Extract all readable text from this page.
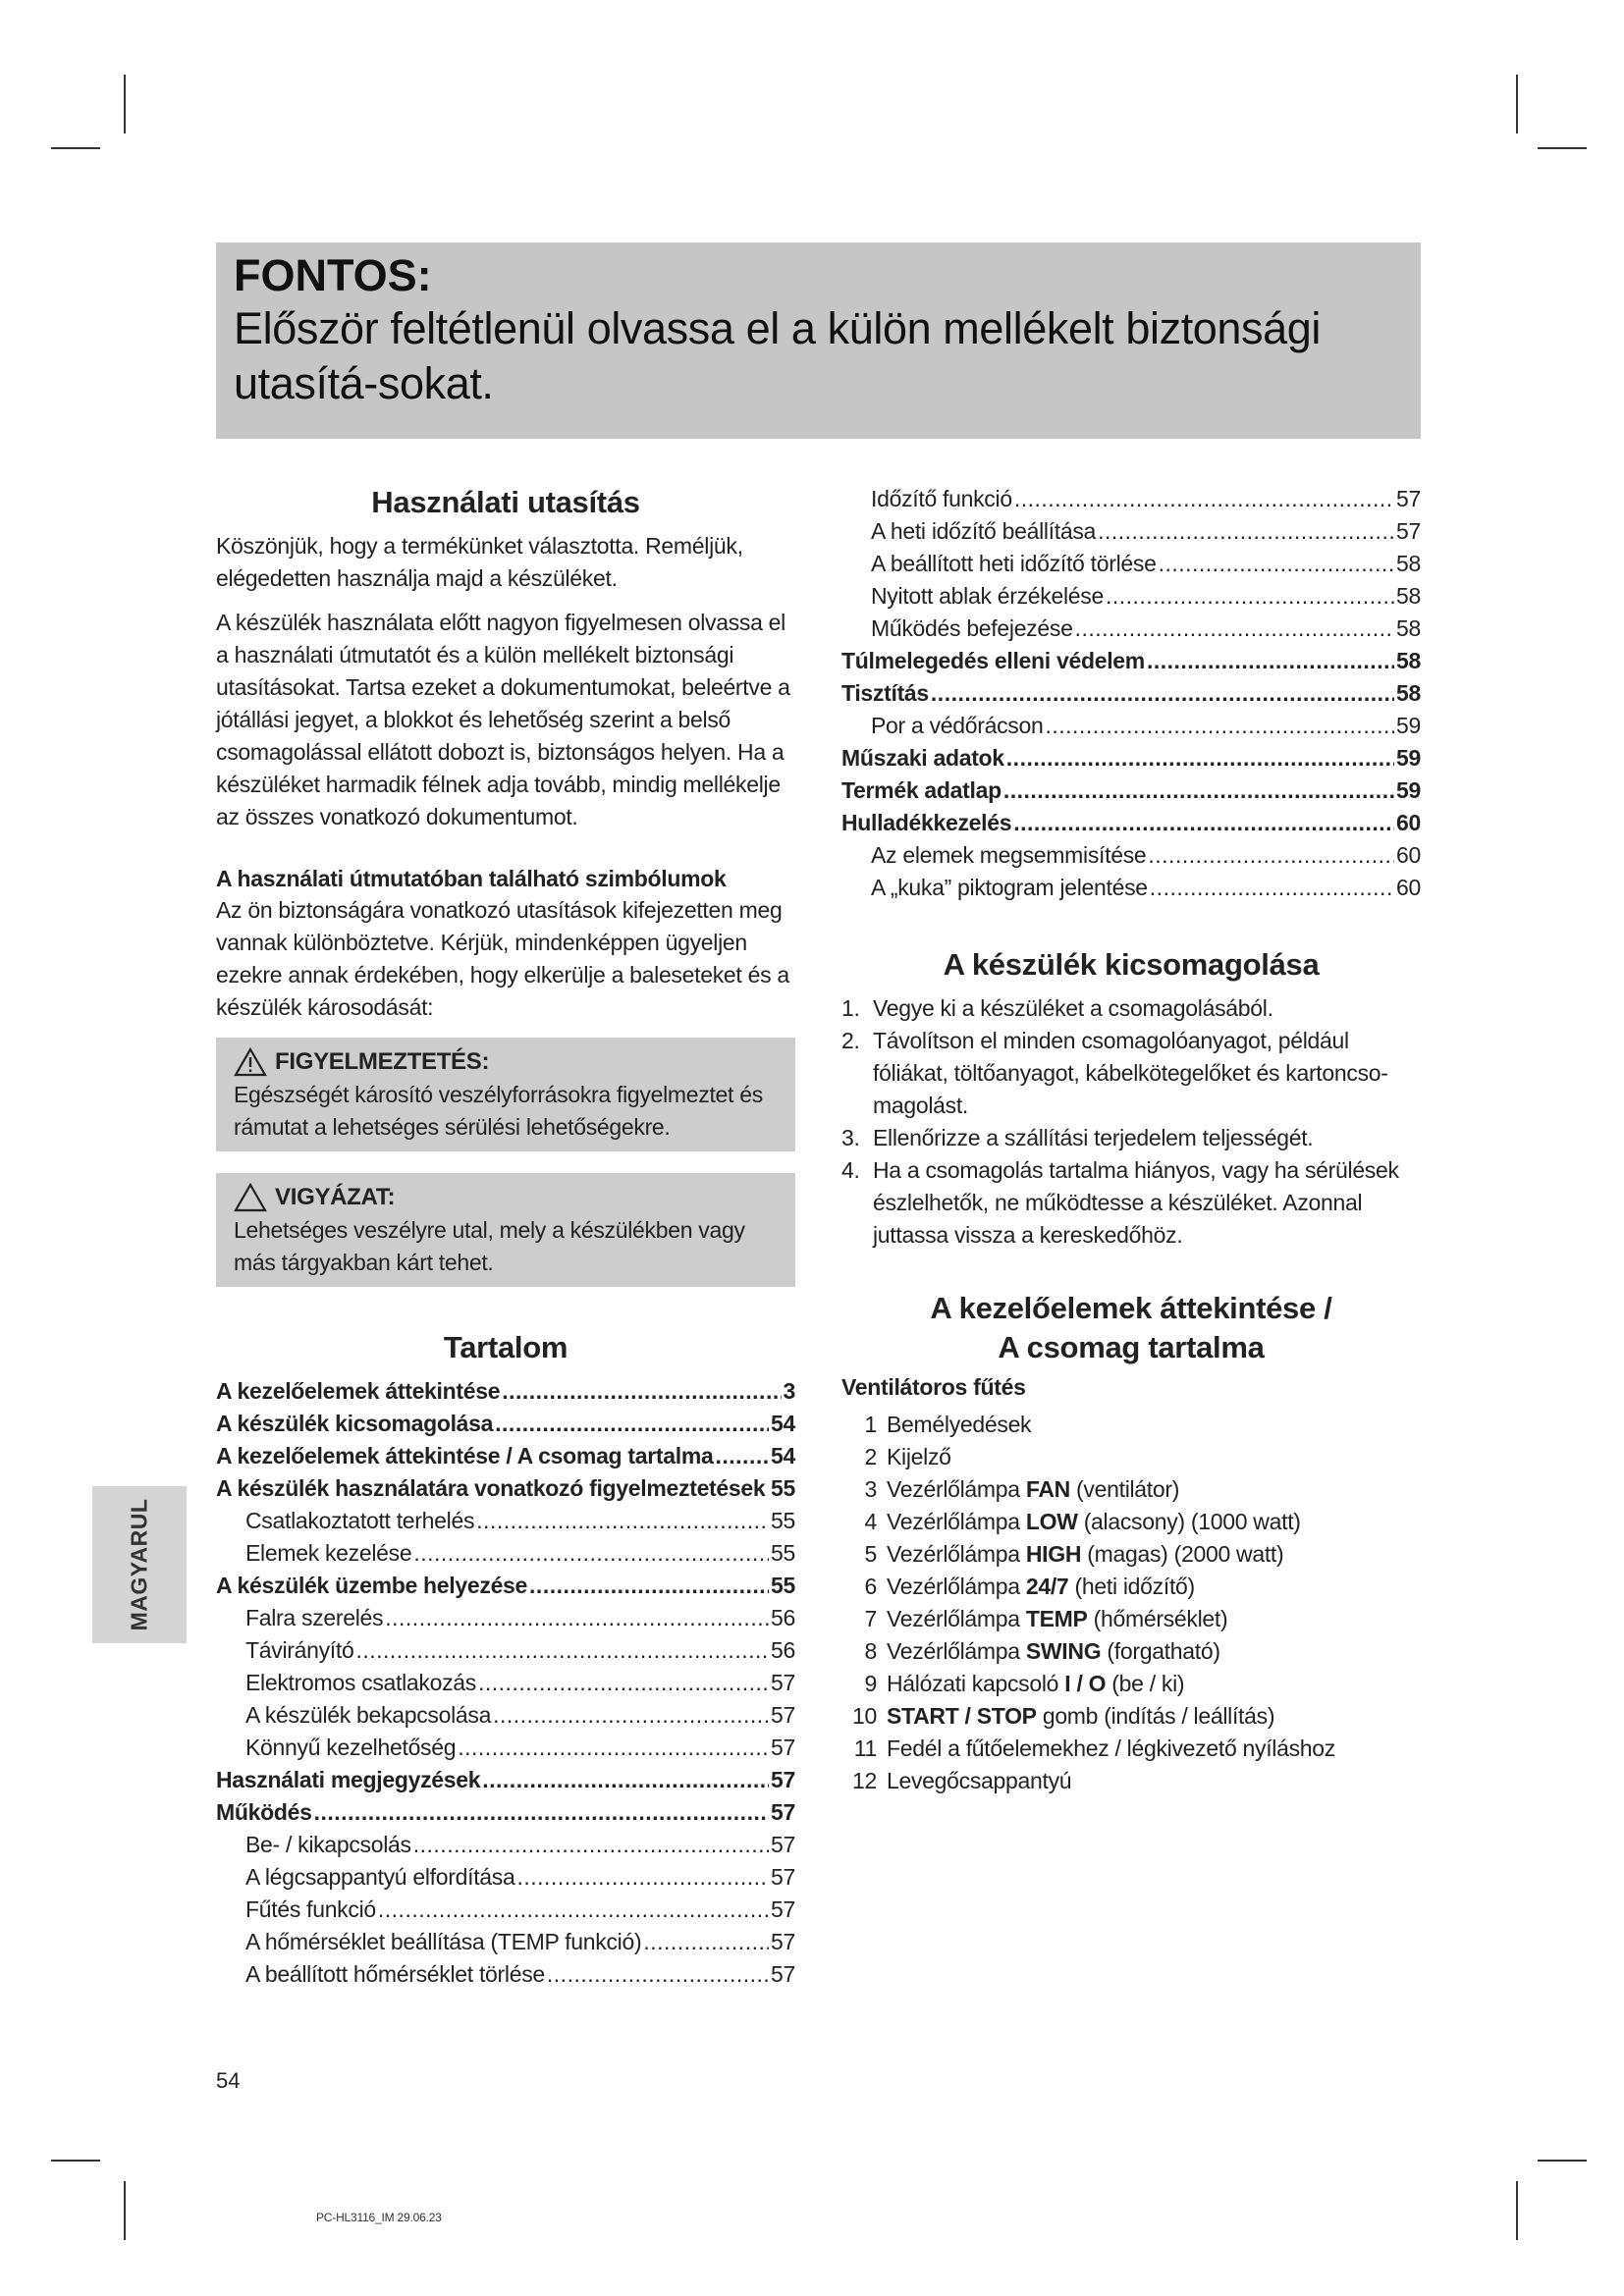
FONTOS:
Először feltétlenül olvassa el a külön mellékelt biztonsági utasítá-sokat.
Használati utasítás

Köszönjük, hogy a termékünket választotta. Reméljük, elégedetten használja majd a készüléket.

A készülék használata előtt nagyon figyelmesen olvassa el a használati útmutatót és a külön mellékelt biztonsági utasításokat. Tartsa ezeket a dokumentumokat, beleértve a jótállási jegyet, a blokkot és lehetőség szerint a belső csomagolással ellátott dobozt is, biztonságos helyen. Ha a készüléket harmadik félnek adja tovább, mindig mellékelje az összes vonatkozó dokumentumot.

A használati útmutatóban található szimbólumok

Az ön biztonságára vonatkozó utasítások kifejezetten meg vannak különböztetve. Kérjük, mindenképpen ügyeljen ezekre annak érdekében, hogy elkerülje a baleseteket és a készülék károsodását:

FIGYELMEZTETÉS:

Egészségét károsító veszélyforrásokra figyelmeztet és rámutat a lehetséges sérülési lehetőségekre.

VIGYÁZAT:

Lehetséges veszélyre utal, mely a készülékben vagy más tárgyakban kárt tehet.

Tartalom
A kezelőelemek áttekintése .....	3
A készülék kicsomagolása .....	54
A kezelőelemek áttekintése / A csomag tartalma .....	54
A készülék használatára vonatkozó figyelmeztetések ..... 55
Csatlakoztatott terhelés .....	55
Elemek kezelése .....	55
A készülék üzembe helyezése .....	55
Falra szerelés .....	56
Távirányító .....	56
Elektromos csatlakozás .....	57
A készülék bekapcsolása .....	57
Könnyű kezelhetőség .....	57
Használati megjegyzések .....	57
Működés .....	57
Be- / kikapcsolás .....	57
A légcsappantyú elfordítása .....	57
Fűtés funkció .....	57
A hőmérséklet beállítása (TEMP funkció) .....	57
A beállított hőmérséklet törlése .....	57
Időzítő funkció .....	57
A heti időzítő beállítása .....	57
A beállított heti időzítő törlése .....	58
Nyitott ablak érzékelése .....	58
Működés befejezése .....	58
Túlmelegedés elleni védelem .....	58
Tisztítás .....	58
Por a védőrácson .....	59
Műszaki adatok .....	59
Termék adatlap .....	59
Hulladékkezelés .....	60
Az elemek megsemmisítése .....	60
A „kuka” piktogram jelentése .....	60
A készülék kicsomagolása
1. Vegye ki a készüléket a csomagolásából.
2. Távolítson el minden csomagolóanyagot, például fóliákat, töltőanyagot, kábelkötegelőket és kartoncso-magolást.
3. Ellenőrizze a szállítási terjedelem teljességét.
4. Ha a csomagolás tartalma hiányos, vagy ha sérülések észlelhetők, ne működtesse a készüléket. Azonnal juttassa vissza a kereskedőhöz.
A kezelőelemek áttekintése /
A csomag tartalma
Ventilátoros fűtés
1 Bemélyedések
2 Kijelző
3 Vezérlőlámpa FAN (ventilátor)
4 Vezérlőlámpa LOW (alacsony) (1000 watt)
5 Vezérlőlámpa HIGH (magas) (2000 watt)
6 Vezérlőlámpa 24/7 (heti időzítő)
7 Vezérlőlámpa TEMP (hőmérséklet)
8 Vezérlőlámpa SWING (forgatható)
9 Hálózati kapcsoló I / O (be / ki)
10 START / STOP gomb (indítás / leállítás)
11 Fedél a fűtőelemekhez / légkivezető nyíláshoz
12 Levegőcsappantyú
MAGYARUL
54
PC-HL3116_IM 29.06.23
